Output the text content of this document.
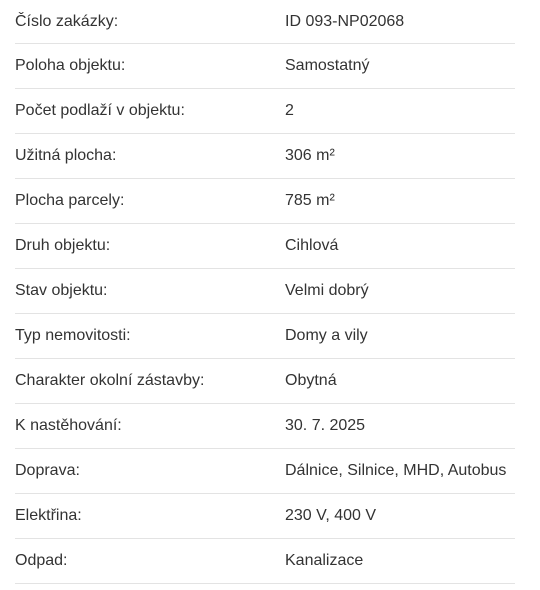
Číslo zakázky:	ID 093-NP02068
Poloha objektu:	Samostatný
Počet podlaží v objektu:	2
Užitná plocha:	306 m²
Plocha parcely:	785 m²
Druh objektu:	Cihlová
Stav objektu:	Velmi dobrý
Typ nemovitosti:	Domy a vily
Charakter okolní zástavby:	Obytná
K nastěhování:	30. 7. 2025
Doprava:	Dálnice, Silnice, MHD, Autobus
Elektřina:	230 V, 400 V
Odpad:	Kanalizace
